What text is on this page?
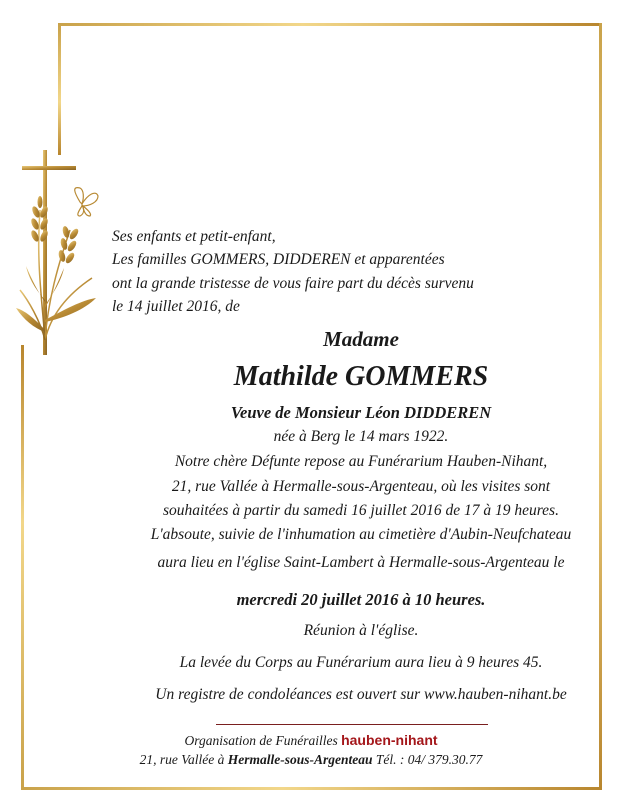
Ses enfants et petit-enfant,

Les familles GOMMERS, DIDDEREN et apparentées

ont la grande tristesse de vous faire part du décès survenu

le 14 juillet 2016, de

Madame

Mathilde GOMMERS

Veuve de Monsieur Léon DIDDEREN

née à Berg le 14 mars 1922.

Notre chère Défunte repose au Funérarium Hauben-Nihant,

21, rue Vallée à Hermalle-sous-Argenteau, où les visites sont

souhaitées à partir du samedi 16 juillet 2016 de 17 à 19 heures.

L'absoute, suivie de l'inhumation au cimetière d'Aubin-Neufchateau

aura lieu en l'église Saint-Lambert à Hermalle-sous-Argenteau le

mercredi 20 juillet 2016 à 10 heures.

Réunion à l'église.

La levée du Corps au Funérarium aura lieu à 9 heures 45.

Un registre de condoléances est ouvert sur www.hauben-nihant.be

Organisation de Funérailles hauben-nihant

21, rue Vallée à Hermalle-sous-Argenteau Tél. : 04/ 379.30.77
